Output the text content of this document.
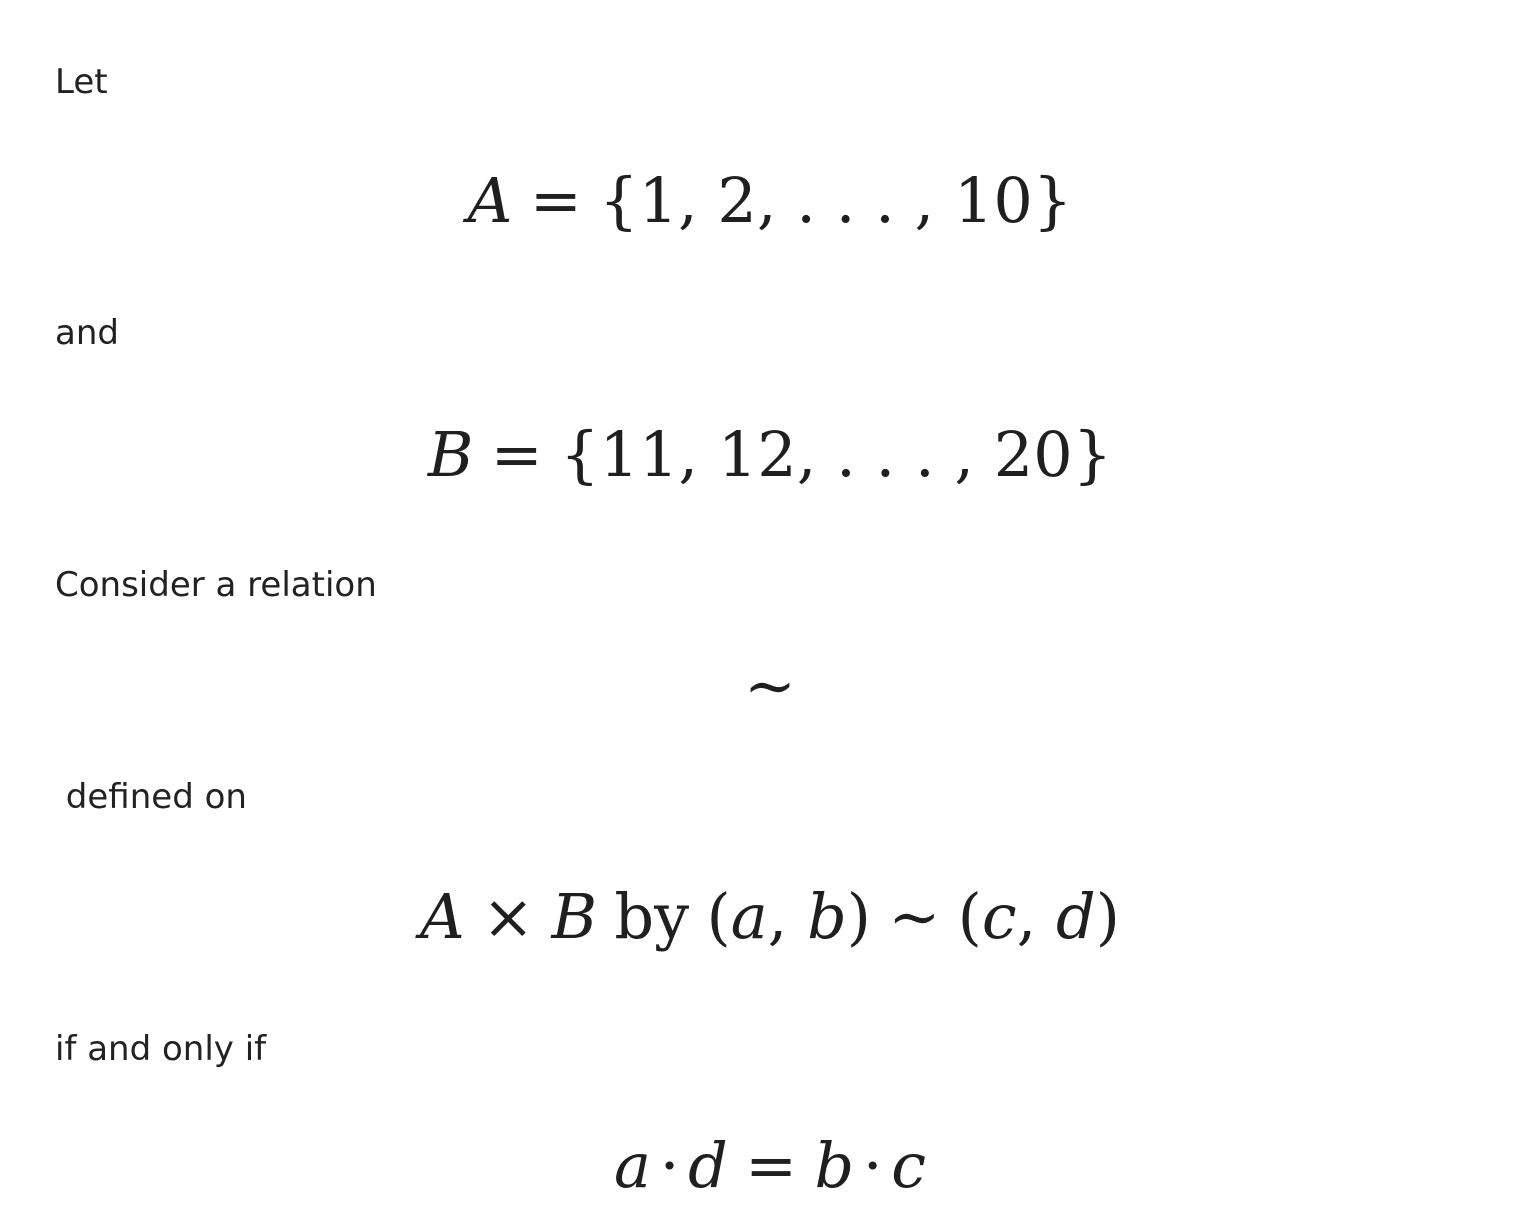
Let
A = {1, 2, . . . , 10}
and
B = {11, 12, . . . , 20}
Consider a relation
∼
defined on
A × B by (a, b) ∼ (c, d)
if and only if
a · d = b · c
